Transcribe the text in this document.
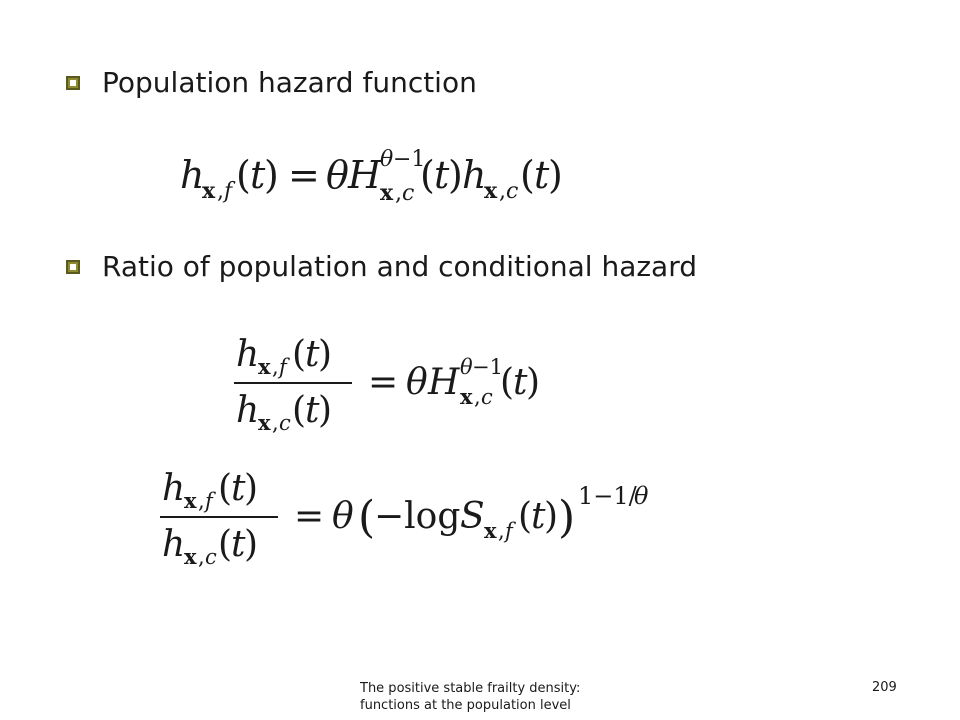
Population hazard function
h
x , f ( t
) = θ H
θ −1
x , c ( t
) h
x , c ( t
)
Ratio of population and conditional hazard
h
x , f (
t
)
h
x , c (
t
)
= θ H θ −1
x , c (
t
)
h
x , f (
t
)
h
x , c (
t
)
= θ (
−log S x , f (
t
) ) 1−1/
θ
The positive stable frailty density:
functions at the population level
209
